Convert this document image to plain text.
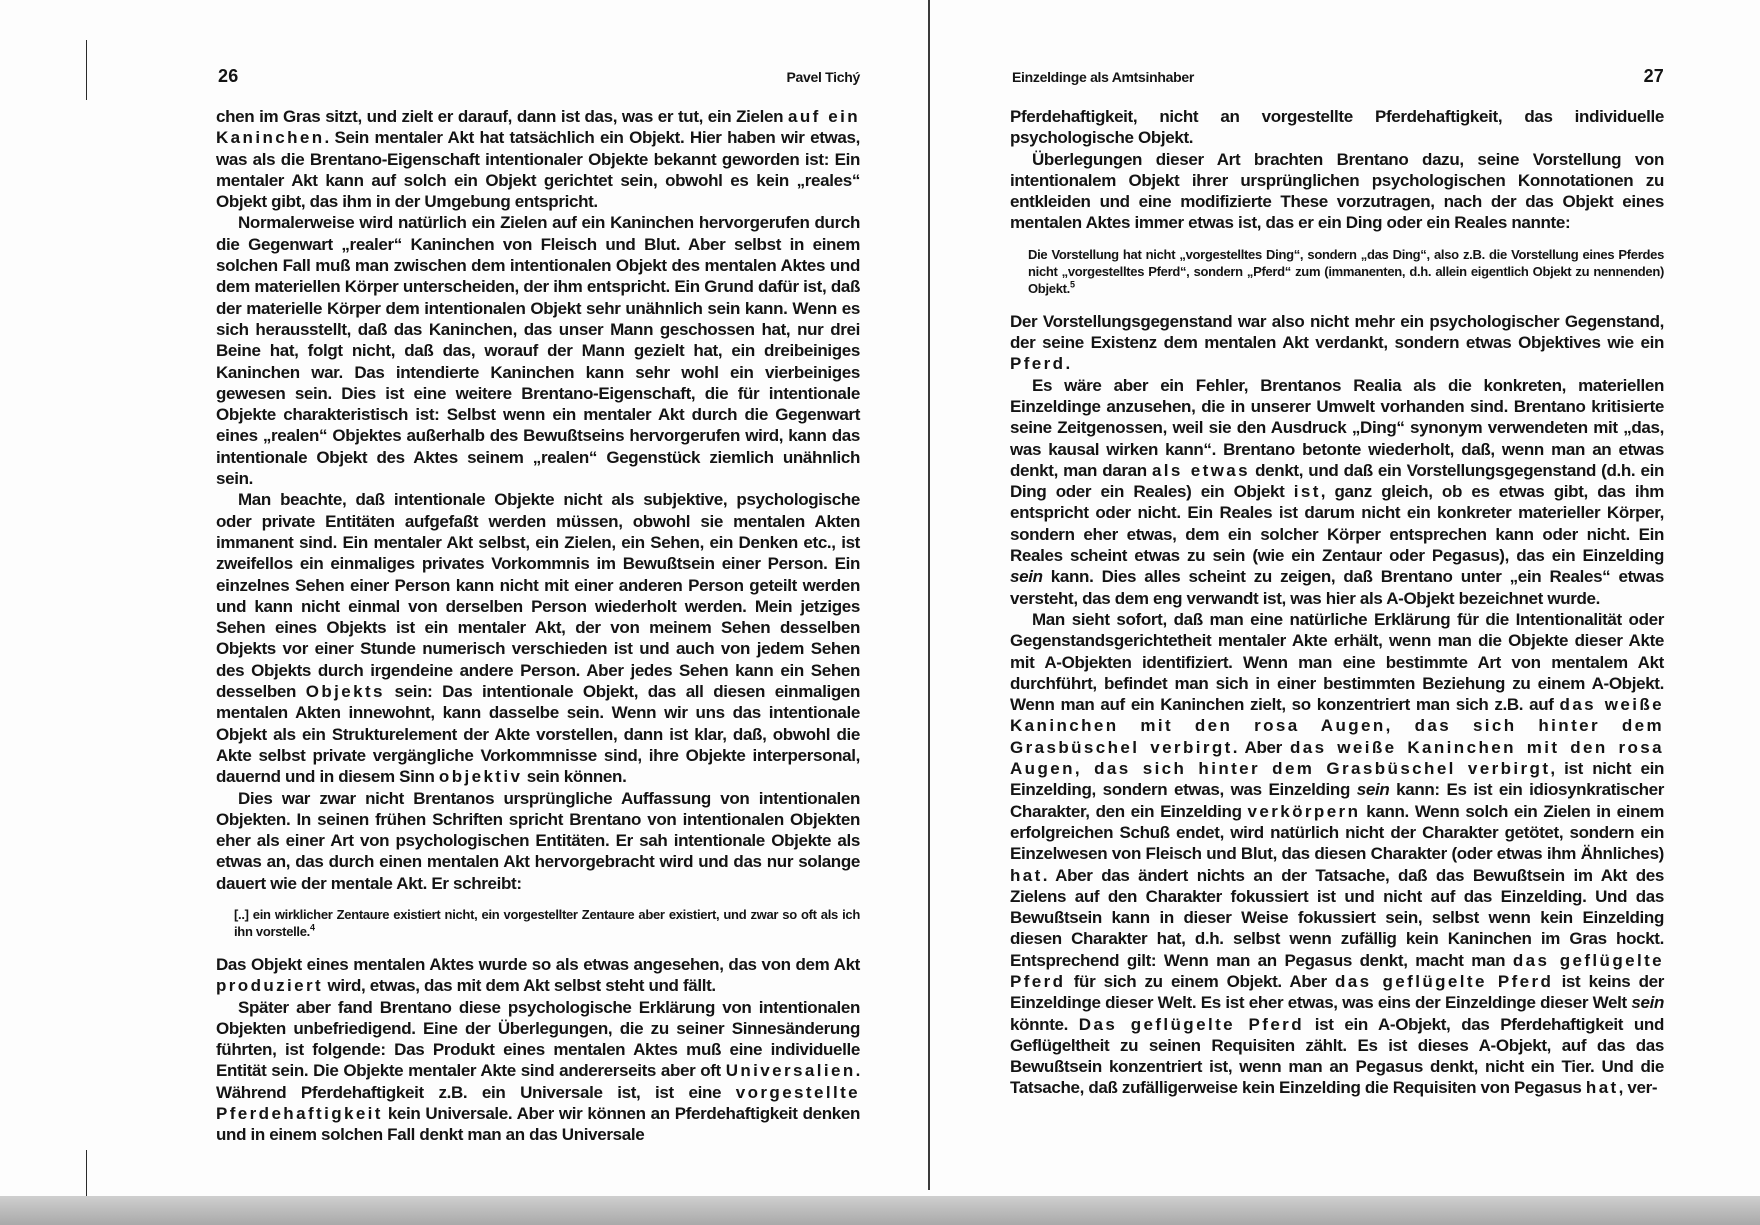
26	Pavel Tichý

chen im Gras sitzt, und zielt er darauf, dann ist das, was er tut, ein Zielen auf ein Kaninchen. Sein mentaler Akt hat tatsächlich ein Objekt. Hier haben wir etwas, was als die Brentano-Eigenschaft intentionaler Objekte bekannt geworden ist: Ein mentaler Akt kann auf solch ein Objekt gerichtet sein, obwohl es kein „reales“ Objekt gibt, das ihm in der Umgebung entspricht.

Normalerweise wird natürlich ein Zielen auf ein Kaninchen hervorgerufen durch die Gegenwart „realer“ Kaninchen von Fleisch und Blut. Aber selbst in einem solchen Fall muß man zwischen dem intentionalen Objekt des mentalen Aktes und dem materiellen Körper unterscheiden, der ihm entspricht. Ein Grund dafür ist, daß der materielle Körper dem intentionalen Objekt sehr unähnlich sein kann. Wenn es sich herausstellt, daß das Kaninchen, das unser Mann geschossen hat, nur drei Beine hat, folgt nicht, daß das, worauf der Mann gezielt hat, ein dreibeiniges Kaninchen war. Das intendierte Kaninchen kann sehr wohl ein vierbeiniges gewesen sein. Dies ist eine weitere Brentano-Eigenschaft, die für intentionale Objekte charakteristisch ist: Selbst wenn ein mentaler Akt durch die Gegenwart eines „realen“ Objektes außerhalb des Bewußtseins hervorgerufen wird, kann das intentionale Objekt des Aktes seinem „realen“ Gegenstück ziemlich unähnlich sein.

Man beachte, daß intentionale Objekte nicht als subjektive, psychologische oder private Entitäten aufgefaßt werden müssen, obwohl sie mentalen Akten immanent sind. Ein mentaler Akt selbst, ein Zielen, ein Sehen, ein Denken etc., ist zweifellos ein einmaliges privates Vorkommnis im Bewußtsein einer Person. Ein einzelnes Sehen einer Person kann nicht mit einer anderen Person geteilt werden und kann nicht einmal von derselben Person wiederholt werden. Mein jetziges Sehen eines Objekts ist ein mentaler Akt, der von meinem Sehen desselben Objekts vor einer Stunde numerisch verschieden ist und auch von jedem Sehen des Objekts durch irgendeine andere Person. Aber jedes Sehen kann ein Sehen desselben Objekts sein: Das intentionale Objekt, das all diesen einmaligen mentalen Akten innewohnt, kann dasselbe sein. Wenn wir uns das intentionale Objekt als ein Strukturelement der Akte vorstellen, dann ist klar, daß, obwohl die Akte selbst private vergängliche Vorkommnisse sind, ihre Objekte interpersonal, dauernd und in diesem Sinn objektiv sein können.

Dies war zwar nicht Brentanos ursprüngliche Auffassung von intentionalen Objekten. In seinen frühen Schriften spricht Brentano von intentionalen Objekten eher als einer Art von psychologischen Entitäten. Er sah intentionale Objekte als etwas an, das durch einen mentalen Akt hervorgebracht wird und das nur solange dauert wie der mentale Akt. Er schreibt:

[..] ein wirklicher Zentaure existiert nicht, ein vorgestellter Zentaure aber existiert, und zwar so oft als ich ihn vorstelle.$^4$

Das Objekt eines mentalen Aktes wurde so als etwas angesehen, das von dem Akt produziert wird, etwas, das mit dem Akt selbst steht und fällt.

Später aber fand Brentano diese psychologische Erklärung von intentionalen Objekten unbefriedigend. Eine der Überlegungen, die zu seiner Sinnesänderung führten, ist folgende: Das Produkt eines mentalen Aktes muß eine individuelle Entität sein. Die Objekte mentaler Akte sind andererseits aber oft Universalien. Während Pferdehaftigkeit z.B. ein Universale ist, ist eine vorgestellte Pferdehaftigkeit kein Universale. Aber wir können an Pferdehaftigkeit denken und in einem solchen Fall denkt man an das Universale

Einzeldinge als Amtsinhaber	27

Pferdehaftigkeit, nicht an vorgestellte Pferdehaftigkeit, das individuelle psychologische Objekt.

Überlegungen dieser Art brachten Brentano dazu, seine Vorstellung von intentionalem Objekt ihrer ursprünglichen psychologischen Konnotationen zu entkleiden und eine modifizierte These vorzutragen, nach der das Objekt eines mentalen Aktes immer etwas ist, das er ein Ding oder ein Reales nannte:

Die Vorstellung hat nicht „vorgestelltes Ding“, sondern „das Ding“, also z.B. die Vorstellung eines Pferdes nicht „vorgestelltes Pferd“, sondern „Pferd“ zum (immanenten, d.h. allein eigentlich Objekt zu nennenden) Objekt.$^5$

Der Vorstellungsgegenstand war also nicht mehr ein psychologischer Gegenstand, der seine Existenz dem mentalen Akt verdankt, sondern etwas Objektives wie ein Pferd.

Es wäre aber ein Fehler, Brentanos Realia als die konkreten, materiellen Einzeldinge anzusehen, die in unserer Umwelt vorhanden sind. Brentano kritisierte seine Zeitgenossen, weil sie den Ausdruck „Ding“ synonym verwendeten mit „das, was kausal wirken kann“. Brentano betonte wiederholt, daß, wenn man an etwas denkt, man daran als etwas denkt, und daß ein Vorstellungsgegenstand (d.h. ein Ding oder ein Reales) ein Objekt ist, ganz gleich, ob es etwas gibt, das ihm entspricht oder nicht. Ein Reales ist darum nicht ein konkreter materieller Körper, sondern eher etwas, dem ein solcher Körper entsprechen kann oder nicht. Ein Reales scheint etwas zu sein (wie ein Zentaur oder Pegasus), das ein Einzelding sein kann. Dies alles scheint zu zeigen, daß Brentano unter „ein Reales“ etwas versteht, das dem eng verwandt ist, was hier als A-Objekt bezeichnet wurde.

Man sieht sofort, daß man eine natürliche Erklärung für die Intentionalität oder Gegenstandsgerichtetheit mentaler Akte erhält, wenn man die Objekte dieser Akte mit A-Objekten identifiziert. Wenn man eine bestimmte Art von mentalem Akt durchführt, befindet man sich in einer bestimmten Beziehung zu einem A-Objekt. Wenn man auf ein Kaninchen zielt, so konzentriert man sich z.B. auf das weiße Kaninchen mit den rosa Augen, das sich hinter dem Grasbüschel verbirgt. Aber das weiße Kaninchen mit den rosa Augen, das sich hinter dem Grasbüschel verbirgt, ist nicht ein Einzelding, sondern etwas, was Einzelding sein kann: Es ist ein idiosynkratischer Charakter, den ein Einzelding verkörpern kann. Wenn solch ein Zielen in einem erfolgreichen Schuß endet, wird natürlich nicht der Charakter getötet, sondern ein Einzelwesen von Fleisch und Blut, das diesen Charakter (oder etwas ihm Ähnliches) hat. Aber das ändert nichts an der Tatsache, daß das Bewußtsein im Akt des Zielens auf den Charakter fokussiert ist und nicht auf das Einzelding. Und das Bewußtsein kann in dieser Weise fokussiert sein, selbst wenn kein Einzelding diesen Charakter hat, d.h. selbst wenn zufällig kein Kaninchen im Gras hockt. Entsprechend gilt: Wenn man an Pegasus denkt, macht man das geflügelte Pferd für sich zu einem Objekt. Aber das geflügelte Pferd ist keins der Einzeldinge dieser Welt. Es ist eher etwas, was eins der Einzeldinge dieser Welt sein könnte. Das geflügelte Pferd ist ein A-Objekt, das Pferdehaftigkeit und Geflügeltheit zu seinen Requisiten zählt. Es ist dieses A-Objekt, auf das das Bewußtsein konzentriert ist, wenn man an Pegasus denkt, nicht ein Tier. Und die Tatsache, daß zufälligerweise kein Einzelding die Requisiten von Pegasus hat, ver-
